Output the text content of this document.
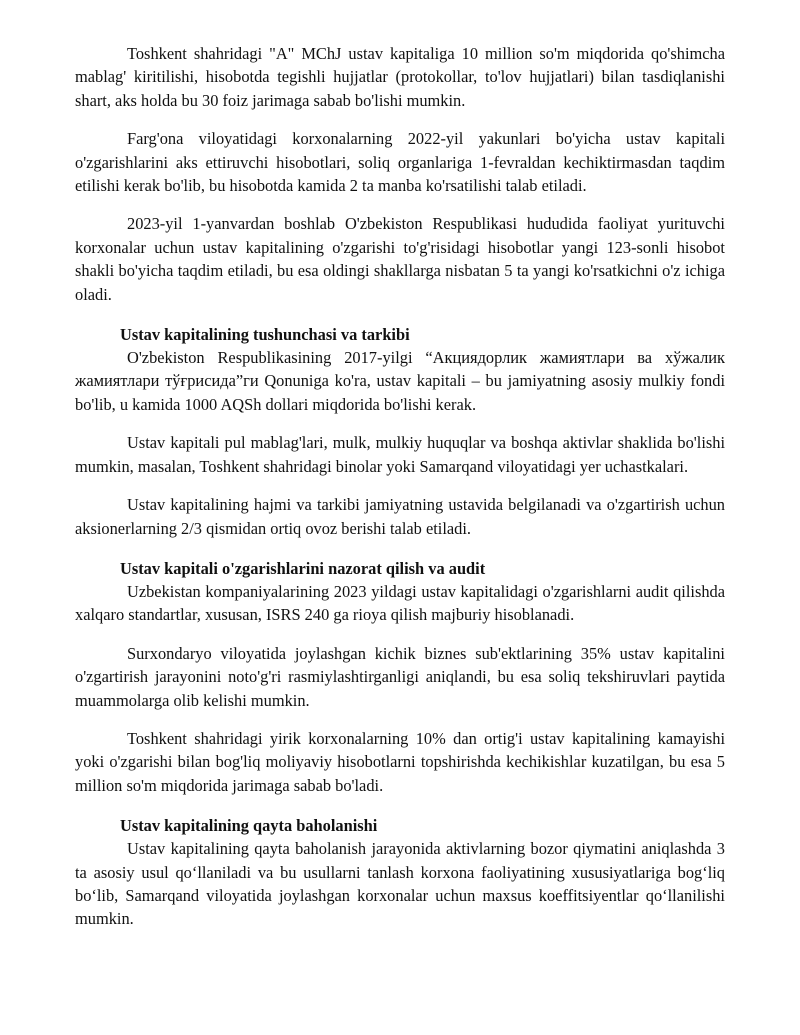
Toshkent shahridagi "A" MChJ ustav kapitaliga 10 million so'm miqdorida qo'shimcha mablag' kiritilishi, hisobotda tegishli hujjatlar (protokollar, to'lov hujjatlari) bilan tasdiqlanishi shart, aks holda bu 30 foiz jarimaga sabab bo'lishi mumkin.

Farg'ona viloyatidagi korxonalarning 2022-yil yakunlari bo'yicha ustav kapitali o'zgarishlarini aks ettiruvchi hisobotlari, soliq organlariga 1-fevraldan kechiktirmasdan taqdim etilishi kerak bo'lib, bu hisobotda kamida 2 ta manba ko'rsatilishi talab etiladi.

2023-yil 1-yanvardan boshlab O'zbekiston Respublikasi hududida faoliyat yurituvchi korxonalar uchun ustav kapitalining o'zgarishi to'g'risidagi hisobotlar yangi 123-sonli hisobot shakli bo'yicha taqdim etiladi, bu esa oldingi shakllarga nisbatan 5 ta yangi ko'rsatkichni o'z ichiga oladi.

Ustav kapitalining tushunchasi va tarkibi

O'zbekiston Respublikasining 2017-yilgi “Акциядорлик жамиятлари ва хўжалик жамиятлари тўғрисида”ги Qonuniga ko'ra, ustav kapitali – bu jamiyatning asosiy mulkiy fondi bo'lib, u kamida 1000 AQSh dollari miqdorida bo'lishi kerak.

Ustav kapitali pul mablag'lari, mulk, mulkiy huquqlar va boshqa aktivlar shaklida bo'lishi mumkin, masalan, Toshkent shahridagi binolar yoki Samarqand viloyatidagi yer uchastkalari.

Ustav kapitalining hajmi va tarkibi jamiyatning ustavida belgilanadi va o'zgartirish uchun aksionerlarning 2/3 qismidan ortiq ovoz berishi talab etiladi.

Ustav kapitali o'zgarishlarini nazorat qilish va audit

Uzbekistan kompaniyalarining 2023 yildagi ustav kapitalidagi o'zgarishlarni audit qilishda xalqaro standartlar, xususan, ISRS 240 ga rioya qilish majburiy hisoblanadi.

Surxondaryo viloyatida joylashgan kichik biznes sub'ektlarining 35% ustav kapitalini o'zgartirish jarayonini noto'g'ri rasmiylashtirganligi aniqlandi, bu esa soliq tekshiruvlari paytida muammolarga olib kelishi mumkin.

Toshkent shahridagi yirik korxonalarning 10% dan ortig'i ustav kapitalining kamayishi yoki o'zgarishi bilan bog'liq moliyaviy hisobotlarni topshirishda kechikishlar kuzatilgan, bu esa 5 million so'm miqdorida jarimaga sabab bo'ladi.

Ustav kapitalining qayta baholanishi

Ustav kapitalining qayta baholanish jarayonida aktivlarning bozor qiymatini aniqlashda 3 ta asosiy usul qo‘llaniladi va bu usullarni tanlash korxona faoliyatining xususiyatlariga bog‘liq bo‘lib, Samarqand viloyatida joylashgan korxonalar uchun maxsus koeffitsiyentlar qo‘llanilishi mumkin.
